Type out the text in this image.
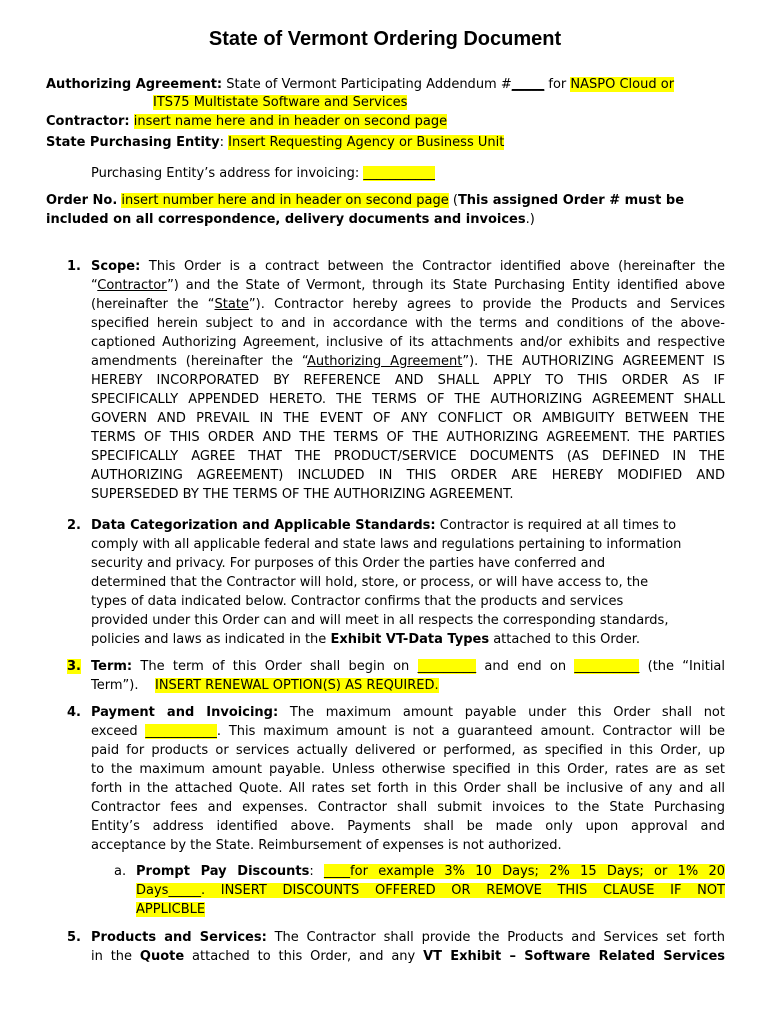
State of Vermont Ordering Document
Authorizing Agreement: State of Vermont Participating Addendum #_____ for NASPO Cloud or
ITS75 Multistate Software and Services
Contractor: insert name here and in header on second page
State Purchasing Entity: Insert Requesting Agency or Business Unit
Purchasing Entity’s address for invoicing: ___________
Order No. insert number here and in header on second page (This assigned Order # must be
included on all correspondence, delivery documents and invoices.)
1. Scope: This Order is a contract between the Contractor identified above (hereinafter the
“Contractor”) and the State of Vermont, through its State Purchasing Entity identified above
(hereinafter the “State”). Contractor hereby agrees to provide the Products and Services
specified herein subject to and in accordance with the terms and conditions of the above-
captioned Authorizing Agreement, inclusive of its attachments and/or exhibits and respective
amendments (hereinafter the “Authorizing Agreement”). THE AUTHORIZING AGREEMENT IS
HEREBY INCORPORATED BY REFERENCE AND SHALL APPLY TO THIS ORDER AS IF
SPECIFICALLY APPENDED HERETO. THE TERMS OF THE AUTHORIZING AGREEMENT SHALL
GOVERN AND PREVAIL IN THE EVENT OF ANY CONFLICT OR AMBIGUITY BETWEEN THE
TERMS OF THIS ORDER AND THE TERMS OF THE AUTHORIZING AGREEMENT. THE PARTIES
SPECIFICALLY AGREE THAT THE PRODUCT/SERVICE DOCUMENTS (AS DEFINED IN THE
AUTHORIZING AGREEMENT) INCLUDED IN THIS ORDER ARE HEREBY MODIFIED AND
SUPERSEDED BY THE TERMS OF THE AUTHORIZING AGREEMENT.
2. Data Categorization and Applicable Standards: Contractor is required at all times to
comply with all applicable federal and state laws and regulations pertaining to information
security and privacy. For purposes of this Order the parties have conferred and
determined that the Contractor will hold, store, or process, or will have access to, the
types of data indicated below. Contractor confirms that the products and services
provided under this Order can and will meet in all respects the corresponding standards,
policies and laws as indicated in the Exhibit VT-Data Types attached to this Order.
3. Term: The term of this Order shall begin on _________ and end on __________ (the “Initial
Term”). INSERT RENEWAL OPTION(S) AS REQUIRED.
4. Payment and Invoicing: The maximum amount payable under this Order shall not
exceed ___________. This maximum amount is not a guaranteed amount. Contractor will be
paid for products or services actually delivered or performed, as specified in this Order, up
to the maximum amount payable. Unless otherwise specified in this Order, rates are as set
forth in the attached Quote. All rates set forth in this Order shall be inclusive of any and all
Contractor fees and expenses. Contractor shall submit invoices to the State Purchasing
Entity’s address identified above. Payments shall be made only upon approval and
acceptance by the State. Reimbursement of expenses is not authorized.
a. Prompt Pay Discounts: ____for example 3% 10 Days; 2% 15 Days; or 1% 20
Days_____. INSERT DISCOUNTS OFFERED OR REMOVE THIS CLAUSE IF NOT
APPLICBLE
5. Products and Services: The Contractor shall provide the Products and Services set forth
in the Quote attached to this Order, and any VT Exhibit – Software Related Services
